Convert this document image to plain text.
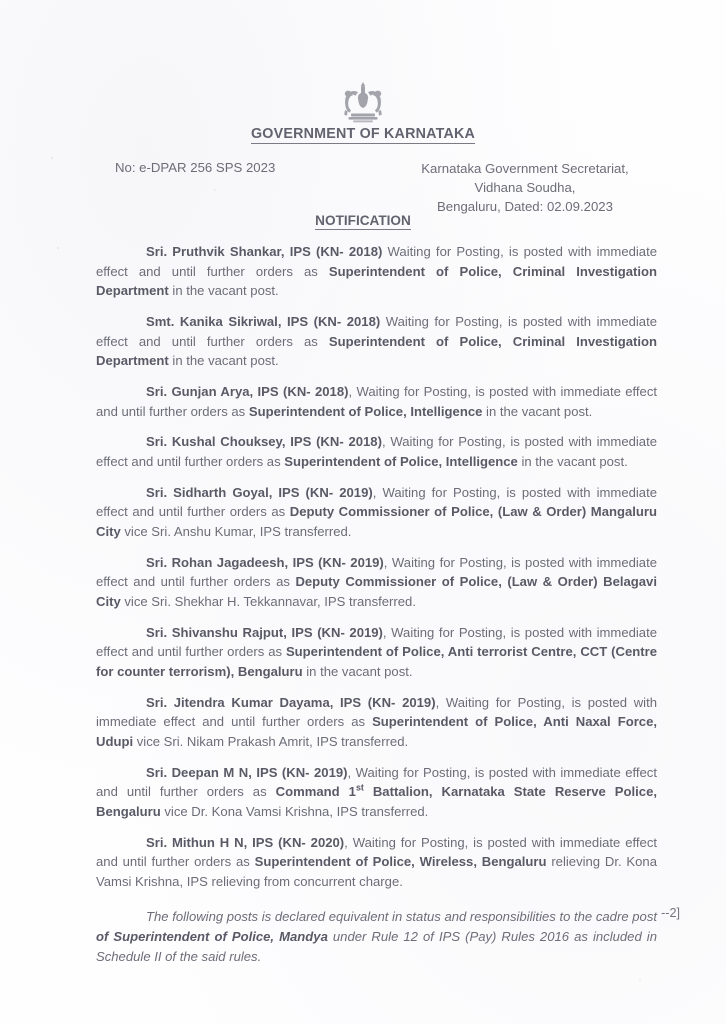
GOVERNMENT OF KARNATAKA
No: e-DPAR 256 SPS 2023	Karnataka Government Secretariat,
Vidhana Soudha,
Bengaluru, Dated: 02.09.2023
NOTIFICATION

Sri. Pruthvik Shankar, IPS (KN- 2018) Waiting for Posting, is posted with immediate effect and until further orders as Superintendent of Police, Criminal Investigation Department in the vacant post.

Smt. Kanika Sikriwal, IPS (KN- 2018) Waiting for Posting, is posted with immediate effect and until further orders as Superintendent of Police, Criminal Investigation Department in the vacant post.

Sri. Gunjan Arya, IPS (KN- 2018), Waiting for Posting, is posted with immediate effect and until further orders as Superintendent of Police, Intelligence in the vacant post.

Sri. Kushal Chouksey, IPS (KN- 2018), Waiting for Posting, is posted with immediate effect and until further orders as Superintendent of Police, Intelligence in the vacant post.

Sri. Sidharth Goyal, IPS (KN- 2019), Waiting for Posting, is posted with immediate effect and until further orders as Deputy Commissioner of Police, (Law & Order) Mangaluru City vice Sri. Anshu Kumar, IPS transferred.

Sri. Rohan Jagadeesh, IPS (KN- 2019), Waiting for Posting, is posted with immediate effect and until further orders as Deputy Commissioner of Police, (Law & Order) Belagavi City vice Sri. Shekhar H. Tekkannavar, IPS transferred.

Sri. Shivanshu Rajput, IPS (KN- 2019), Waiting for Posting, is posted with immediate effect and until further orders as Superintendent of Police, Anti terrorist Centre, CCT (Centre for counter terrorism), Bengaluru in the vacant post.

Sri. Jitendra Kumar Dayama, IPS (KN- 2019), Waiting for Posting, is posted with immediate effect and until further orders as Superintendent of Police, Anti Naxal Force, Udupi vice Sri. Nikam Prakash Amrit, IPS transferred.

Sri. Deepan M N, IPS (KN- 2019), Waiting for Posting, is posted with immediate effect and until further orders as Command 1st Battalion, Karnataka State Reserve Police, Bengaluru vice Dr. Kona Vamsi Krishna, IPS transferred.

Sri. Mithun H N, IPS (KN- 2020), Waiting for Posting, is posted with immediate effect and until further orders as Superintendent of Police, Wireless, Bengaluru relieving Dr. Kona Vamsi Krishna, IPS relieving from concurrent charge.

The following posts is declared equivalent in status and responsibilities to the cadre post of Superintendent of Police, Mandya under Rule 12 of IPS (Pay) Rules 2016 as included in Schedule II of the said rules.

--2]
